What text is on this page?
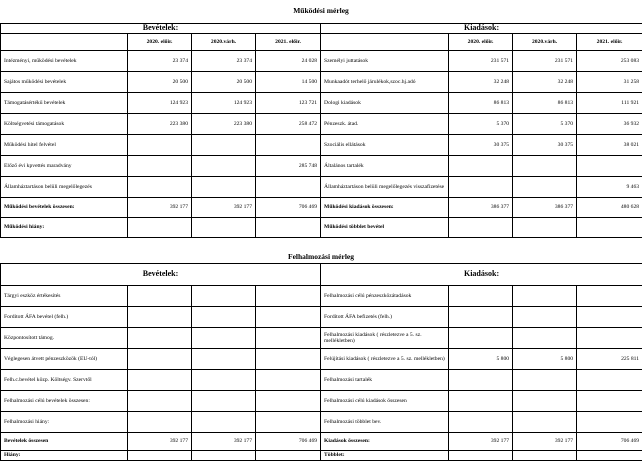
Működési mérleg
Bevételek:				Kiadások:			
	2020. előir.	2020.várh.	2021. előir.		2020. előir.	2020.várh.	2021. előir.
Intézményi, működési bevételek	23 374	23 374	24 028	Személyi juttatások	231 571	231 571	253 083
Sajátos működési bevételek	20 500	20 500	14 500	Munkaadót terhelő járulékok,szoc.hj.adó	32 248	32 248	31 258
Támogatásértékű bevételek	124 923	124 923	123 721	Dologi kiadások	86 813	86 813	111 921
Költségvetési támogatások	223 380	223 380	258 472	Pénzeszk. átad.	5 370	5 370	36 932
Működési hitel felvétel				Szociális ellátások	30 375	30 375	38 021
Előző évi kpvettés maradvány			285 748	Általános tartalék			
Államháztartáson belüli megelőlegezés				Államháztartáson belüli megelőlegezés visszafizetése			9 463
Működési bevételek összesen:	392 177	392 177	706 469	Működési kiadások összesen:	386 377	386 377	480 628
Működési hiány:				Működési többlet bevétel			
Felhalmozási mérleg
Bevételek:				Kiadások:			
Tárgyi eszköz értékesítés				Felhalmozási célú pénzeszközátadások			
Forditott ÁFA bevétel (felh.)				Fordított ÁFA befizetés (felh.)			
Központosított támog.				Felhalmozási kiadások ( részletezve a 5. sz. mellékletben)			
Véglegesen átvett pénzeszközök (EU-tól)				Felújítási kiadások ( részletezve a 5. sz. mellékletben)	5 800	5 800	225 811
Felh.c.bevétel közp. Költségv. Szervtől				Felhalmozási tartalék			
Felhalmozási célú bevételek összesen:				Felhalmozási célú kiadások összesen			
Felhalmozási hiány:				Felhalmozási többlet bev.			
Bevételek összesen	392 177	392 177	706 469	Kiadások összesen:	392 177	392 177	706 469
Hiány:				Többlet:			
